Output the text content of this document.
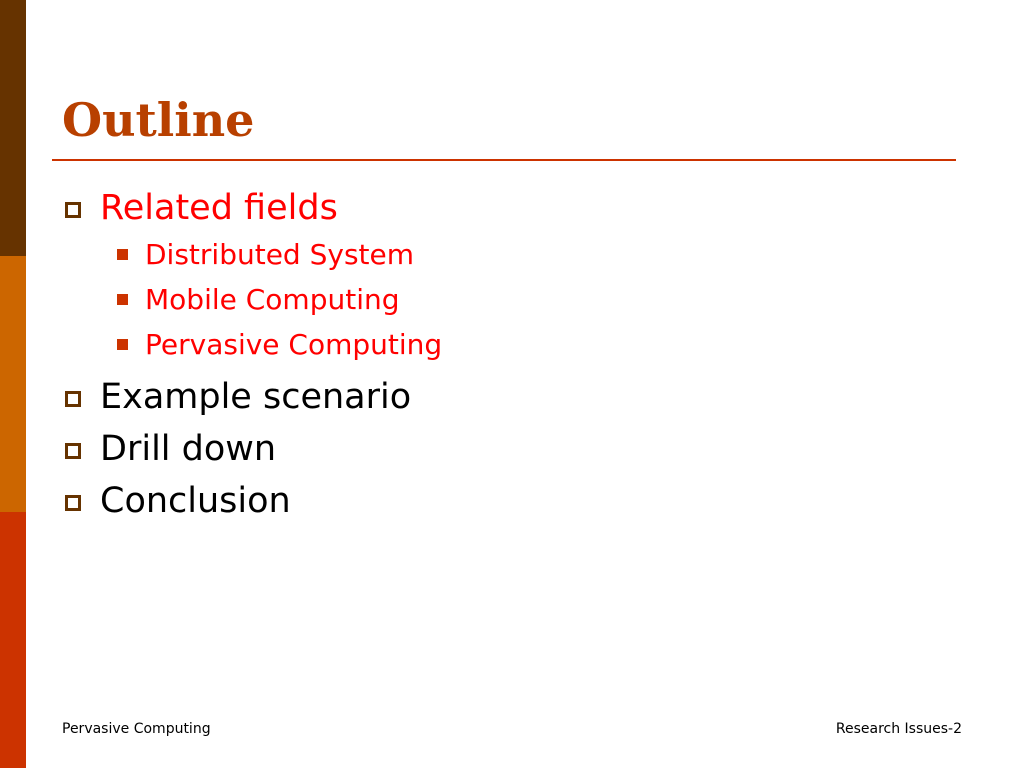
Outline
Related fields
Distributed System
Mobile Computing
Pervasive Computing
Example scenario
Drill down
Conclusion
Pervasive Computing	Research Issues-2
